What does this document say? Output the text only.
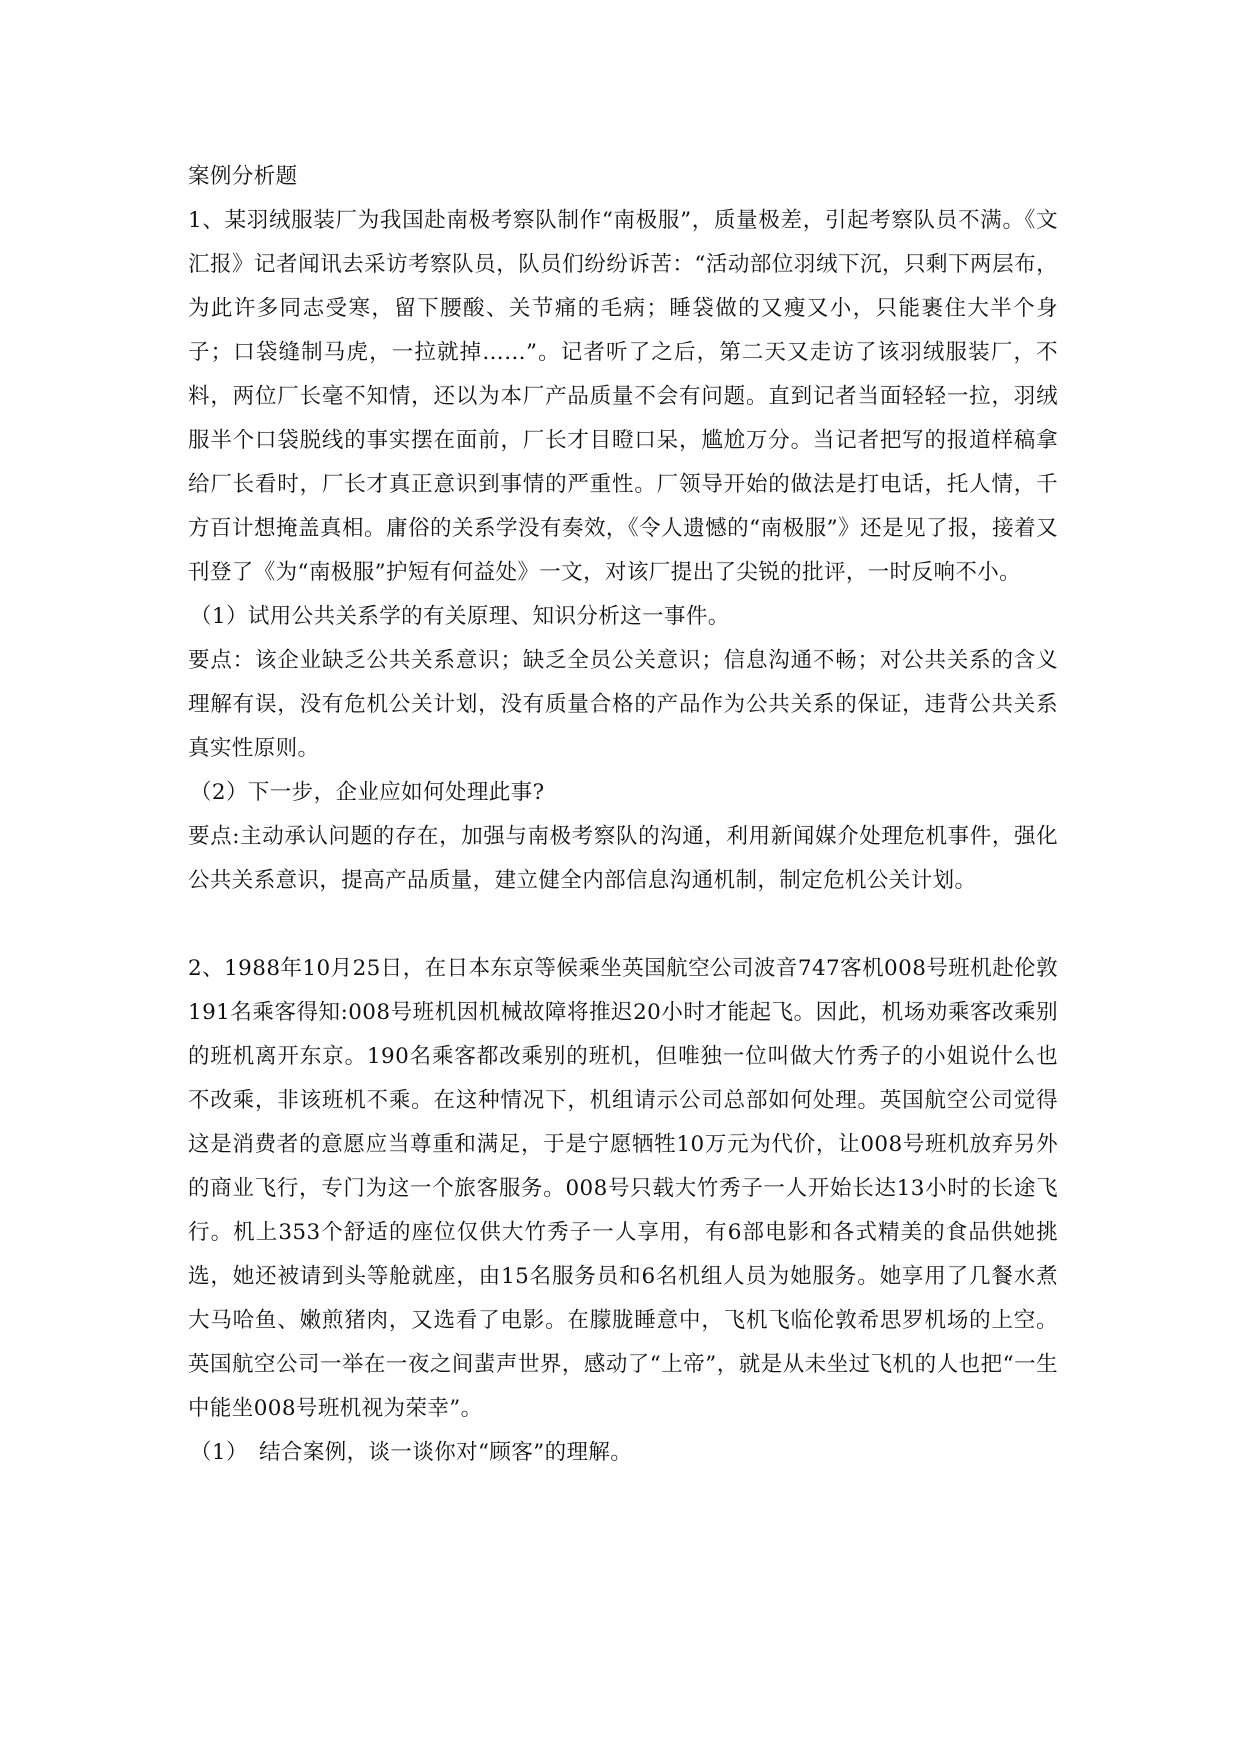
案例分析题

1、某羽绒服装厂为我国赴南极考察队制作“南极服”，质量极差，引起考察队员不满。《文汇报》记者闻讯去采访考察队员，队员们纷纷诉苦：“活动部位羽绒下沉，只剩下两层布，为此许多同志受寒，留下腰酸、关节痛的毛病；睡袋做的又瘦又小，只能裹住大半个身子；口袋缝制马虎，一拉就掉……”。记者听了之后，第二天又走访了该羽绒服装厂，不料，两位厂长毫不知情，还以为本厂产品质量不会有问题。直到记者当面轻轻一拉，羽绒服半个口袋脱线的事实摆在面前，厂长才目瞪口呆，尴尬万分。当记者把写的报道样稿拿给厂长看时，厂长才真正意识到事情的严重性。厂领导开始的做法是打电话，托人情，千方百计想掩盖真相。庸俗的关系学没有奏效，《令人遗憾的“南极服”》还是见了报，接着又刊登了《为“南极服”护短有何益处》一文，对该厂提出了尖锐的批评，一时反响不小。

（1）试用公共关系学的有关原理、知识分析这一事件。

要点：该企业缺乏公共关系意识；缺乏全员公关意识；信息沟通不畅；对公共关系的含义理解有误，没有危机公关计划，没有质量合格的产品作为公共关系的保证，违背公共关系真实性原则。

（2）下一步，企业应如何处理此事?

要点:主动承认问题的存在，加强与南极考察队的沟通，利用新闻媒介处理危机事件，强化公共关系意识，提高产品质量，建立健全内部信息沟通机制，制定危机公关计划。

2、1988年10月25日，在日本东京等候乘坐英国航空公司波音747客机008号班机赴伦敦191名乘客得知:008号班机因机械故障将推迟20小时才能起飞。因此，机场劝乘客改乘别的班机离开东京。190名乘客都改乘别的班机，但唯独一位叫做大竹秀子的小姐说什么也不改乘，非该班机不乘。在这种情况下，机组请示公司总部如何处理。英国航空公司觉得这是消费者的意愿应当尊重和满足，于是宁愿牺牲10万元为代价，让008号班机放弃另外的商业飞行，专门为这一个旅客服务。008号只载大竹秀子一人开始长达13小时的长途飞行。机上353个舒适的座位仅供大竹秀子一人享用，有6部电影和各式精美的食品供她挑选，她还被请到头等舱就座，由15名服务员和6名机组人员为她服务。她享用了几餐水煮大马哈鱼、嫩煎猪肉，又选看了电影。在朦胧睡意中，飞机飞临伦敦希思罗机场的上空。英国航空公司一举在一夜之间蜚声世界，感动了“上帝”，就是从未坐过飞机的人也把“一生中能坐008号班机视为荣幸”。

（1）　结合案例，谈一谈你对“顾客”的理解。
